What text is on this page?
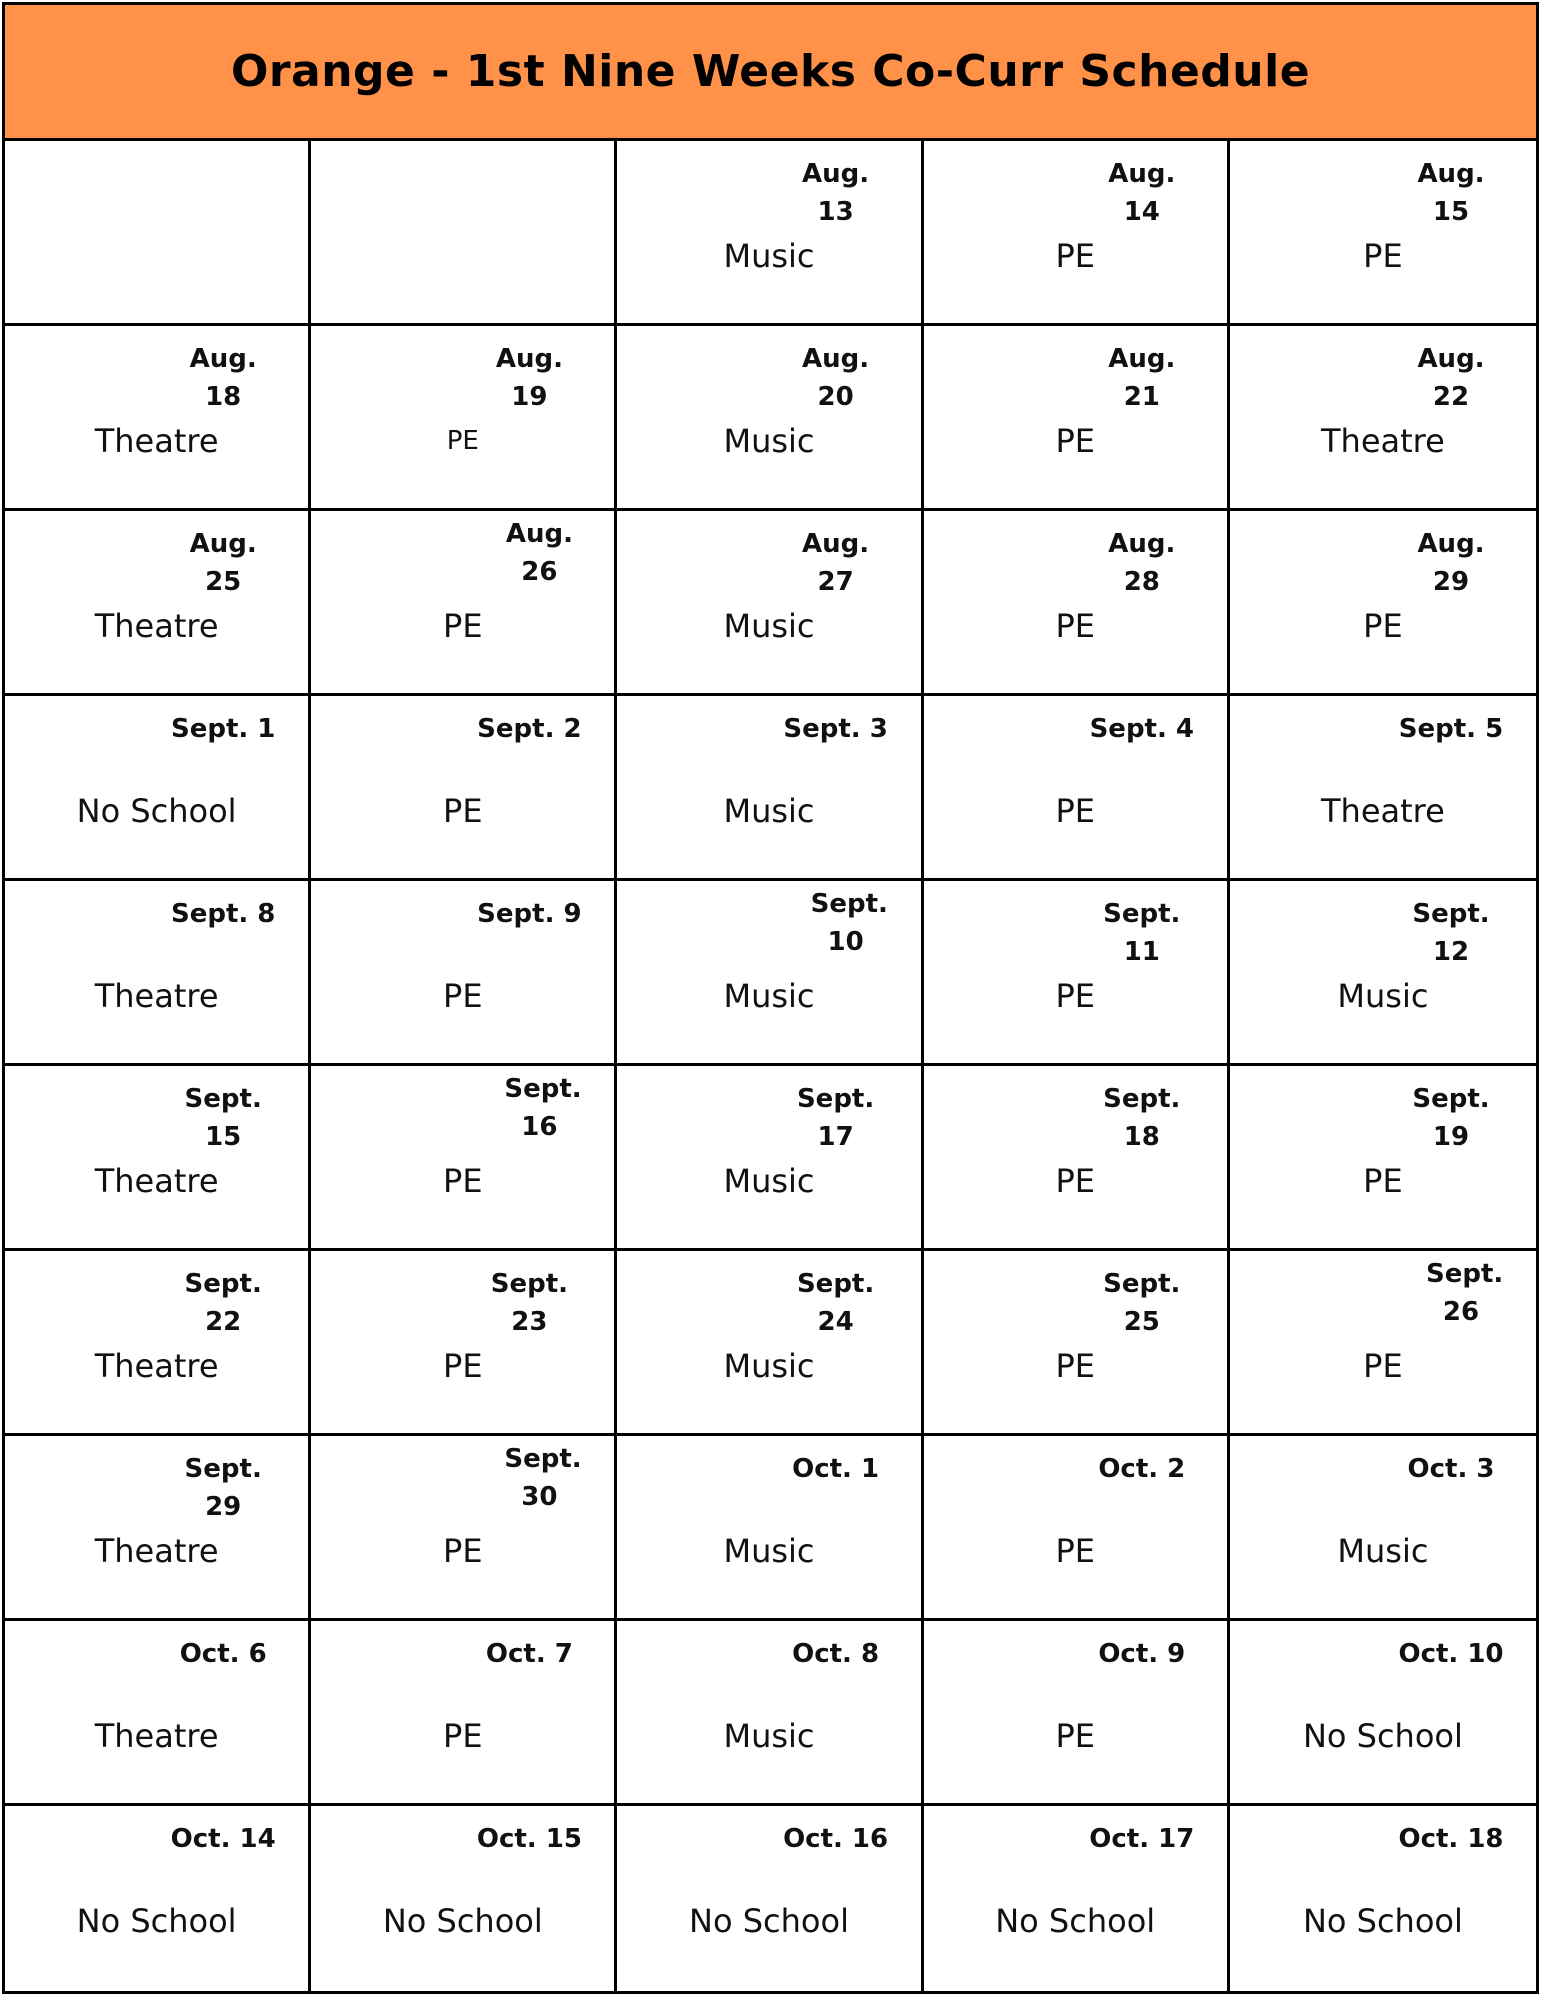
Orange - 1st Nine Weeks Co-Curr Schedule
Aug. 13
Music
Aug. 14
PE
Aug. 15
PE
Aug. 18
Theatre
Aug. 19
PE
Aug. 20
Music
Aug. 21
PE
Aug. 22
Theatre
Aug. 25
Theatre
Aug. 26
PE
Aug. 27
Music
Aug. 28
PE
Aug. 29
PE
Sept. 1
No School
Sept. 2
PE
Sept. 3
Music
Sept. 4
PE
Sept. 5
Theatre
Sept. 8
Theatre
Sept. 9
PE
Sept. 10
Music
Sept. 11
PE
Sept. 12
Music
Sept. 15
Theatre
Sept. 16
PE
Sept. 17
Music
Sept. 18
PE
Sept. 19
PE
Sept. 22
Theatre
Sept. 23
PE
Sept. 24
Music
Sept. 25
PE
Sept. 26
PE
Sept. 29
Theatre
Sept. 30
PE
Oct. 1
Music
Oct. 2
PE
Oct. 3
Music
Oct. 6
Theatre
Oct. 7
PE
Oct. 8
Music
Oct. 9
PE
Oct. 10
No School
Oct. 14
No School
Oct. 15
No School
Oct. 16
No School
Oct. 17
No School
Oct. 18
No School
